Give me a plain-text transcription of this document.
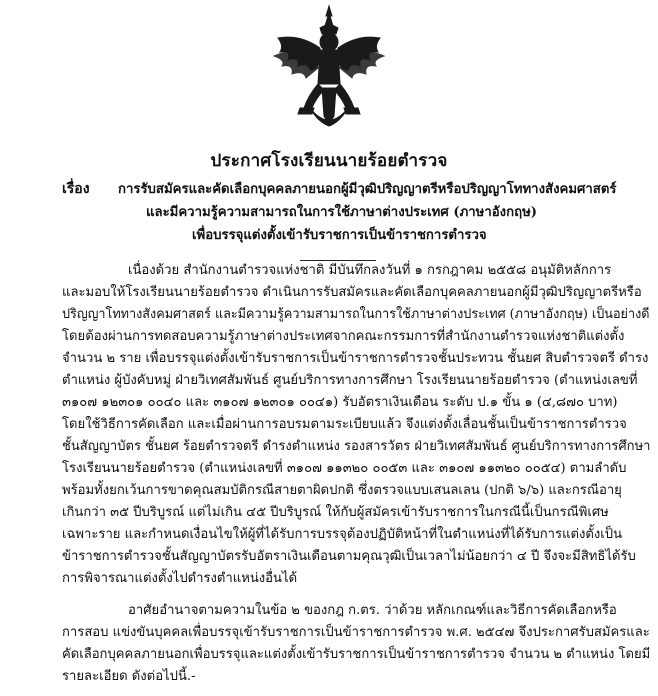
ประกาศโรงเรียนนายร้อยตำรวจ
เรื่อง การรับสมัครและคัดเลือกบุคคลภายนอกผู้มีวุฒิปริญญาตรีหรือปริญญาโททางสังคมศาสตร์
และมีความรู้ความสามารถในการใช้ภาษาต่างประเทศ (ภาษาอังกฤษ)
เพื่อบรรจุแต่งตั้งเข้ารับราชการเป็นข้าราชการตำรวจ
เนื่องด้วย สำนักงานตำรวจแห่งชาติ มีบันทึกลงวันที่ ๑ กรกฎาคม ๒๕๕๘ อนุมัติหลักการ
และมอบให้โรงเรียนนายร้อยตำรวจ ดำเนินการรับสมัครและคัดเลือกบุคคลภายนอกผู้มีวุฒิปริญญาตรีหรือ
ปริญญาโททางสังคมศาสตร์ และมีความรู้ความสามารถในการใช้ภาษาต่างประเทศ (ภาษาอังกฤษ) เป็นอย่างดี
โดยต้องผ่านการทดสอบความรู้ภาษาต่างประเทศจากคณะกรรมการที่สำนักงานตำรวจแห่งชาติแต่งตั้ง
จำนวน ๒ ราย เพื่อบรรจุแต่งตั้งเข้ารับราชการเป็นข้าราชการตำรวจชั้นประทวน ชั้นยศ สิบตำรวจตรี ดำรง
ตำแหน่ง ผู้บังคับหมู่ ฝ่ายวิเทศสัมพันธ์ ศูนย์บริการทางการศึกษา โรงเรียนนายร้อยตำรวจ (ตำแหน่งเลขที่
๓๑๐๗ ๑๒๓๐๑ ๐๐๔๐ และ ๓๑๐๗ ๑๒๓๐๑ ๐๐๔๑) รับอัตราเงินเดือน ระดับ ป.๑ ขั้น ๑ (๔,๘๗๐ บาท)
โดยใช้วิธีการคัดเลือก และเมื่อผ่านการอบรมตามระเบียบแล้ว จึงแต่งตั้งเลื่อนชั้นเป็นข้าราชการตำรวจ
ชั้นสัญญาบัตร ชั้นยศ ร้อยตำรวจตรี ดำรงตำแหน่ง รองสารวัตร ฝ่ายวิเทศสัมพันธ์ ศูนย์บริการทางการศึกษา
โรงเรียนนายร้อยตำรวจ (ตำแหน่งเลขที่ ๓๑๐๗ ๑๑๓๒๐ ๐๐๕๓ และ ๓๑๐๗ ๑๑๓๒๐ ๐๐๕๔) ตามลำดับ
พร้อมทั้งยกเว้นการขาดคุณสมบัติกรณีสายตาผิดปกติ ซึ่งตรวจแบบเสนลเลน (ปกติ ๖/๖) และกรณีอายุ
เกินกว่า ๓๕ ปีบริบูรณ์ แต่ไม่เกิน ๔๕ ปีบริบูรณ์ ให้กับผู้สมัครเข้ารับราชการในกรณีนี้เป็นกรณีพิเศษ
เฉพาะราย และกำหนดเงื่อนไขให้ผู้ที่ได้รับการบรรจุต้องปฏิบัติหน้าที่ในตำแหน่งที่ได้รับการแต่งตั้งเป็น
ข้าราชการตำรวจชั้นสัญญาบัตรรับอัตราเงินเดือนตามคุณวุฒิเป็นเวลาไม่น้อยกว่า ๔ ปี จึงจะมีสิทธิได้รับ
การพิจารณาแต่งตั้งไปดำรงตำแหน่งอื่นได้
อาศัยอำนาจตามความในข้อ ๒ ของกฎ ก.ตร. ว่าด้วย หลักเกณฑ์และวิธีการคัดเลือกหรือ
การสอบ แข่งขันบุคคลเพื่อบรรจุเข้ารับราชการเป็นข้าราชการตำรวจ พ.ศ. ๒๕๔๗ จึงประกาศรับสมัครและ
คัดเลือกบุคคลภายนอกเพื่อบรรจุและแต่งตั้งเข้ารับราชการเป็นข้าราชการตำรวจ จำนวน ๒ ตำแหน่ง โดยมี
รายละเอียด ดังต่อไปนี้.-
